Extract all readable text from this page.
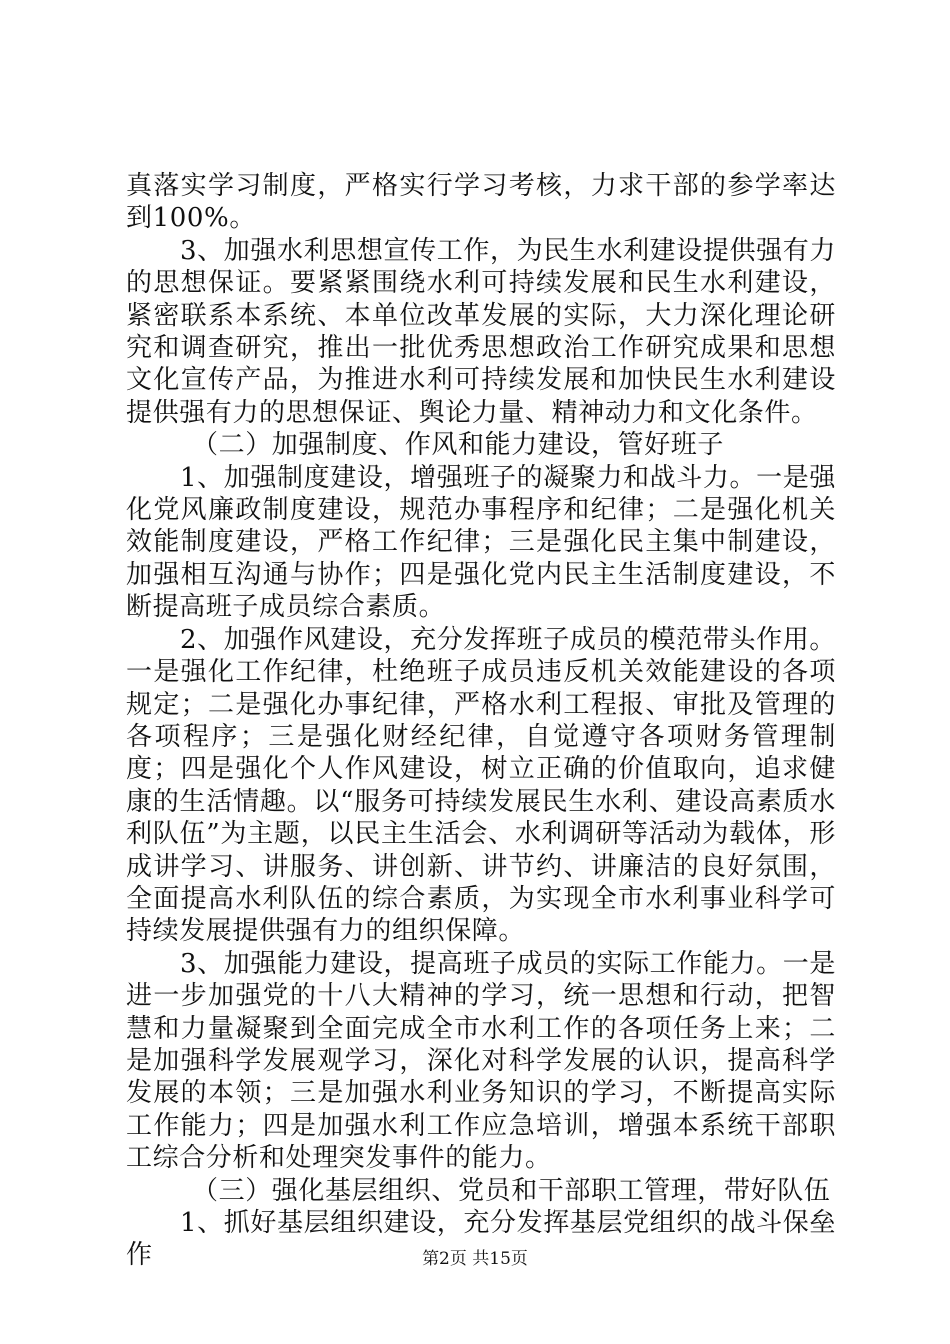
真落实学习制度，严格实行学习考核，力求干部的参学率达到100%。

3、加强水利思想宣传工作，为民生水利建设提供强有力的思想保证。要紧紧围绕水利可持续发展和民生水利建设，紧密联系本系统、本单位改革发展的实际，大力深化理论研究和调查研究，推出一批优秀思想政治工作研究成果和思想文化宣传产品，为推进水利可持续发展和加快民生水利建设提供强有力的思想保证、舆论力量、精神动力和文化条件。

（二）加强制度、作风和能力建设，管好班子

1、加强制度建设，增强班子的凝聚力和战斗力。一是强化党风廉政制度建设，规范办事程序和纪律；二是强化机关效能制度建设，严格工作纪律；三是强化民主集中制建设，加强相互沟通与协作；四是强化党内民主生活制度建设，不断提高班子成员综合素质。

2、加强作风建设，充分发挥班子成员的模范带头作用。一是强化工作纪律，杜绝班子成员违反机关效能建设的各项规定；二是强化办事纪律，严格水利工程报、审批及管理的各项程序；三是强化财经纪律，自觉遵守各项财务管理制度；四是强化个人作风建设，树立正确的价值取向，追求健康的生活情趣。以“服务可持续发展民生水利、建设高素质水利队伍”为主题，以民主生活会、水利调研等活动为载体，形成讲学习、讲服务、讲创新、讲节约、讲廉洁的良好氛围，全面提高水利队伍的综合素质，为实现全市水利事业科学可持续发展提供强有力的组织保障。

3、加强能力建设，提高班子成员的实际工作能力。一是进一步加强党的十八大精神的学习，统一思想和行动，把智慧和力量凝聚到全面完成全市水利工作的各项任务上来；二是加强科学发展观学习，深化对科学发展的认识，提高科学发展的本领；三是加强水利业务知识的学习，不断提高实际工作能力；四是加强水利工作应急培训，增强本系统干部职工综合分析和处理突发事件的能力。

（三）强化基层组织、党员和干部职工管理，带好队伍

1、抓好基层组织建设，充分发挥基层党组织的战斗保垒作	第2页 共15页
